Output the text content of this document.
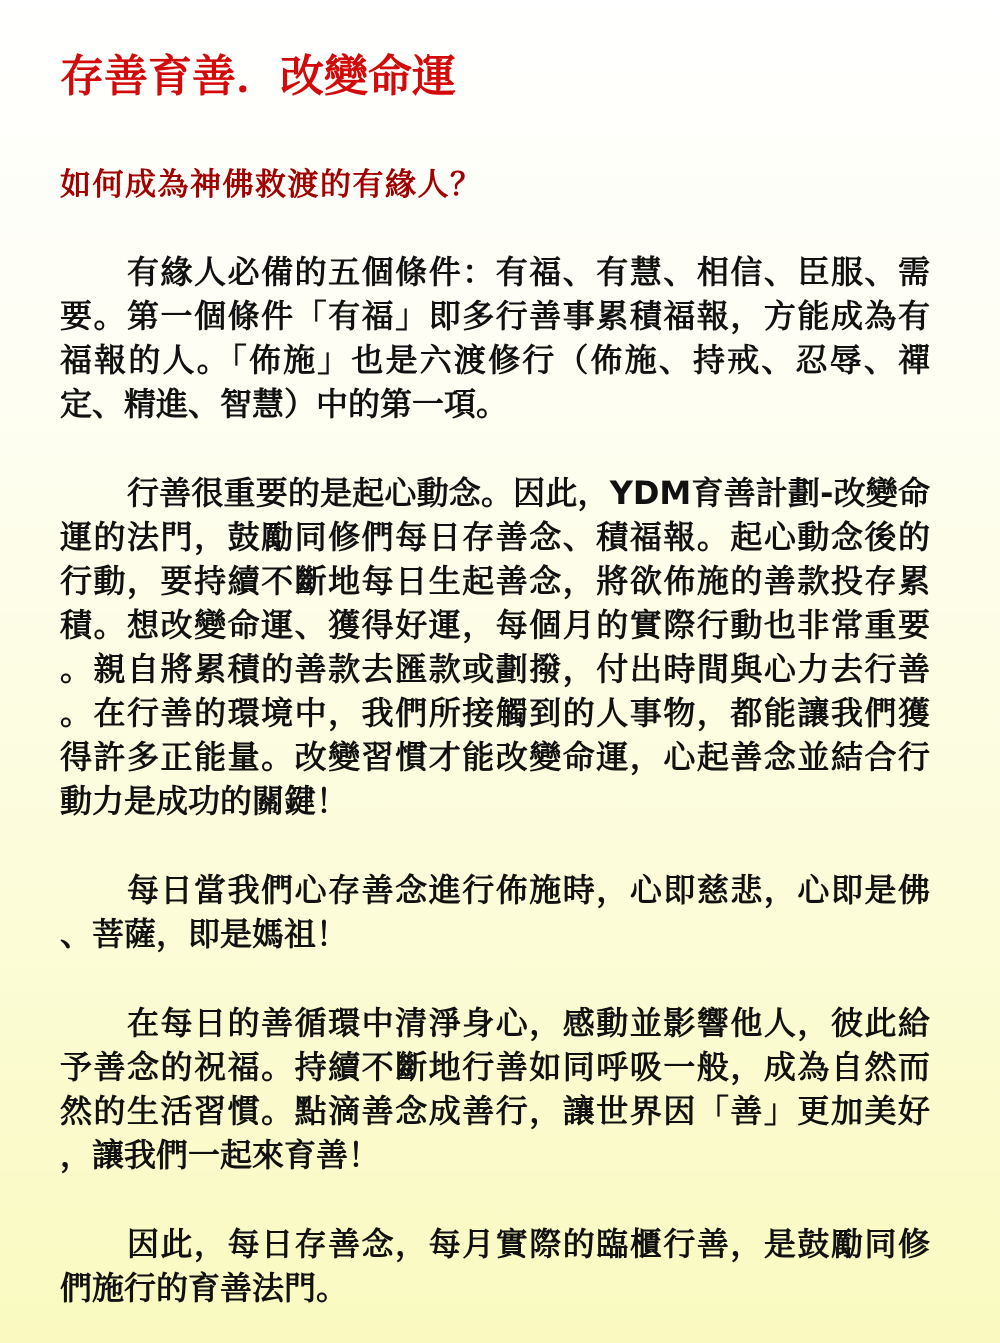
存善育善．改變命運
如何成為神佛救渡的有緣人？
有緣人必備的五個條件：有福、有慧、相信、臣服、需
要。第一個條件「有福」即多行善事累積福報，方能成為有
福報的人。「佈施」也是六渡修行（佈施、持戒、忍辱、禪
定、精進、智慧）中的第一項。
行善很重要的是起心動念。因此，YDM育善計劃-改變命
運的法門，鼓勵同修們每日存善念、積福報。起心動念後的
行動，要持續不斷地每日生起善念，將欲佈施的善款投存累
積。想改變命運、獲得好運，每個月的實際行動也非常重要
。親自將累積的善款去匯款或劃撥，付出時間與心力去行善
。在行善的環境中，我們所接觸到的人事物，都能讓我們獲
得許多正能量。改變習慣才能改變命運，心起善念並結合行
動力是成功的關鍵！
每日當我們心存善念進行佈施時，心即慈悲，心即是佛
、菩薩，即是媽祖！
在每日的善循環中清淨身心，感動並影響他人，彼此給
予善念的祝福。持續不斷地行善如同呼吸一般，成為自然而
然的生活習慣。點滴善念成善行，讓世界因「善」更加美好
，讓我們一起來育善！
因此，每日存善念，每月實際的臨櫃行善，是鼓勵同修
們施行的育善法門。
